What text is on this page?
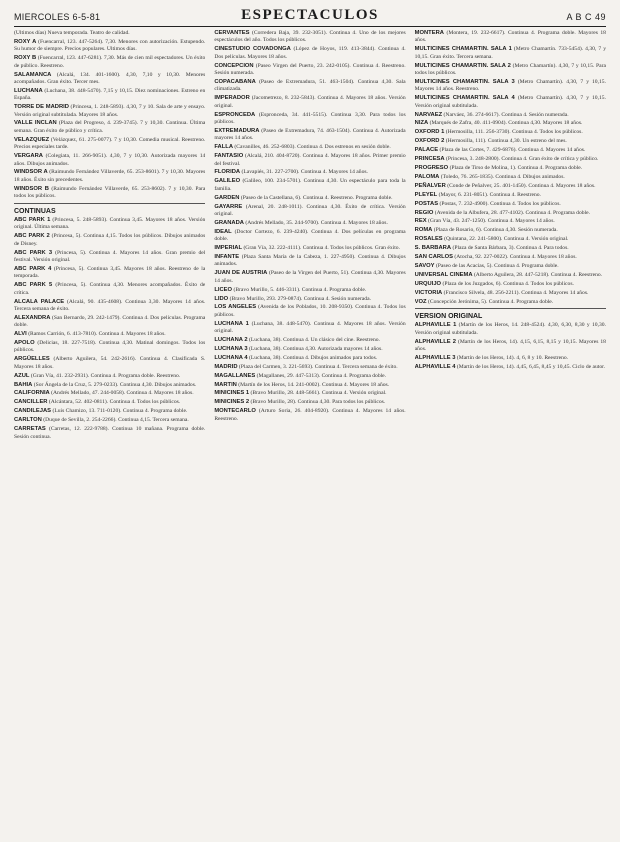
MIERCOLES 6-5-81	ESPECTACULOS	A B C 49

(Ultimos días) Nueva temporada. Teatro de calidad.

ROXY A (Fuencarral, 123. 447-5264). 7,30. Menores con autorización. Estupendo. Su humor de siempre. Precios populares. Ultimos días.

ROXY B (Fuencarral, 123. 447-6281). 7,30. Más de cien mil espectadores. Un éxito de público. Reestreno.

SALAMANCA (Alcalá, 134. 401-1600). 4,30, 7,10 y 10,30. Menores acompañados. Gran éxito. Tercer mes.

LUCHANA (Luchana, 38. 448-5470). 7,15 y 10,15. Diez nominaciones. Estreno en España.

TORRE DE MADRID (Princesa, 1. 248-5893). 4,30, 7 y 10. Sala de arte y ensayo. Versión original subtitulada. Mayores 18 años.

VALLE INCLAN (Plaza del Progreso, 4. 239-3745). 7 y 10,30. Continua. Última semana. Gran éxito de público y crítica.

VELAZQUEZ (Velázquez, 61. 275-0077). 7 y 10,30. Comedia musical. Reestreno. Precios especiales tarde.

VERGARA (Colegiata, 11. 266-9051). 4,30, 7 y 10,30. Autorizada mayores 14 años. Dibujos animados.

WINDSOR A (Raimundo Fernández Villaverde, 65. 253-8601). 7 y 10,30. Mayores 18 años. Éxito sin precedentes.

WINDSOR B (Raimundo Fernández Villaverde, 65. 253-8602). 7 y 10,30. Para todos los públicos.

CONTINUAS

ABC PARK 1 (Princesa, 5. 248-5893). Continua 3,45. Mayores 18 años. Versión original. Última semana.

ABC PARK 2 (Princesa, 5). Continua 4,15. Todos los públicos. Dibujos animados de Disney.

ABC PARK 3 (Princesa, 5). Continua 4. Mayores 14 años. Gran premio del festival. Versión original.

ABC PARK 4 (Princesa, 5). Continua 3,45. Mayores 18 años. Reestreno de la temporada.

ABC PARK 5 (Princesa, 5). Continua 4,30. Menores acompañados. Éxito de crítica.

ALCALA PALACE (Alcalá, 90. 435-4608). Continua 3,30. Mayores 14 años. Tercera semana de éxito.

ALEXANDRA (San Bernardo, 29. 242-1479). Continua 4. Dos películas. Programa doble.

ALVI (Ramos Carrión, 6. 413-7810). Continua 4. Mayores 18 años.

APOLO (Delicias, 18. 227-7518). Continua 4,30. Matinal domingos. Todos los públicos.

ARGÜELLES (Alberto Aguilera, 54. 242-2616). Continua 4. Clasificada S. Mayores 18 años.

AZUL (Gran Vía, 41. 232-2931). Continua 4. Programa doble. Reestreno.

BAHIA (Sor Ángela de la Cruz, 5. 279-0233). Continua 4,30. Dibujos animados.

CALIFORNIA (Andrés Mellado, 47. 244-0058). Continua 4. Mayores 18 años.

CANCILLER (Alcántara, 52. 402-0811). Continua 4. Todos los públicos.

CANDILEJAS (Luis Chamizo, 13. 711-0120). Continua 4. Programa doble.

CARLTON (Duque de Sevilla, 2. 254-2266). Continua 4,15. Tercera semana.

CARRETAS (Carretas, 12. 222-9788). Continua 10 mañana. Programa doble. Sesión continua.

CERVANTES (Corredera Baja, 39. 232-3051). Continua 4. Uno de los mejores espectáculos del año. Todos los públicos.

CINESTUDIO COVADONGA (López de Hoyos, 119. 413-3844). Continua 4. Dos películas. Mayores 18 años.

CONCEPCION (Paseo Virgen del Puerto, 23. 242-0105). Continua 4. Reestreno. Sesión numerada.

COPACABANA (Paseo de Extremadura, 51. 463-1504). Continua 4,30. Sala climatizada.

IMPERADOR (Jacometrezo, 8. 232-5843). Continua 4. Mayores 18 años. Versión original.

ESPRONCEDA (Espronceda, 34. 441-5515). Continua 3,30. Para todos los públicos.

EXTREMADURA (Paseo de Extremadura, 74. 463-1504). Continua 4. Autorizada mayores 14 años.

FALLA (Cavanilles, 46. 252-6803). Continua 4. Dos estrenos en sesión doble.

FANTASIO (Alcalá, 210. 404-8720). Continua 4. Mayores 18 años. Primer premio del festival.

FLORIDA (Lavapiés, 31. 227-2700). Continua 4. Mayores 14 años.

GALILEO (Galileo, 100. 234-5701). Continua 4,30. Un espectáculo para toda la familia.

GARDEN (Paseo de la Castellana, 6). Continua 4. Reestreno. Programa doble.

GAYARRE (Arenal, 20. 248-1011). Continua 4,30. Éxito de crítica. Versión original.

GRANADA (Andrés Mellado, 35. 244-9700). Continua 4. Mayores 18 años.

IDEAL (Doctor Cortezo, 6. 239-4240). Continua 4. Dos películas en programa doble.

IMPERIAL (Gran Vía, 32. 222-4111). Continua 4. Todos los públicos. Gran éxito.

INFANTE (Plaza Santa María de la Cabeza, 1. 227-4950). Continua 4. Dibujos animados.

JUAN DE AUSTRIA (Paseo de la Virgen del Puerto, 51). Continua 4,30. Mayores 14 años.

LICEO (Bravo Murillo, 5. 446-3311). Continua 4. Programa doble.

LIDO (Bravo Murillo, 293. 279-0874). Continua 4. Sesión numerada.

LOS ANGELES (Avenida de los Poblados, 10. 208-9350). Continua 4. Todos los públicos.

LUCHANA 1 (Luchana, 38. 448-5470). Continua 4. Mayores 18 años. Versión original.

LUCHANA 2 (Luchana, 38). Continua 4. Un clásico del cine. Reestreno.

LUCHANA 3 (Luchana, 38). Continua 4,30. Autorizada mayores 14 años.

LUCHANA 4 (Luchana, 38). Continua 4. Dibujos animados para todos.

MADRID (Plaza del Carmen, 3. 221-5693). Continua 4. Tercera semana de éxito.

MAGALLANES (Magallanes, 29. 447-5313). Continua 4. Programa doble.

MARTIN (Martín de los Heros, 14. 241-0002). Continua 4. Mayores 18 años.

MINICINES 1 (Bravo Murillo, 28. 448-5661). Continua 4. Versión original.

MINICINES 2 (Bravo Murillo, 28). Continua 4,30. Para todos los públicos.

MONTECARLO (Arturo Soria, 26. 404-8920). Continua 4. Mayores 14 años. Reestreno.

MONTERA (Montera, 19. 232-6617). Continua 4. Programa doble. Mayores 18 años.

MULTICINES CHAMARTIN. SALA 1 (Metro Chamartín. 733-5454). 4,30, 7 y 10,15. Gran éxito. Tercera semana.

MULTICINES CHAMARTIN. SALA 2 (Metro Chamartín). 4,30, 7 y 10,15. Para todos los públicos.

MULTICINES CHAMARTIN. SALA 3 (Metro Chamartín). 4,30, 7 y 10,15. Mayores 14 años. Reestreno.

MULTICINES CHAMARTIN. SALA 4 (Metro Chamartín). 4,30, 7 y 10,15. Versión original subtitulada.

NARVAEZ (Narváez, 36. 274-6617). Continua 4. Sesión numerada.

NIZA (Marqués de Zafra, 40. 411-0904). Continua 4,30. Mayores 18 años.

OXFORD 1 (Hermosilla, 111. 256-3730). Continua 4. Todos los públicos.

OXFORD 2 (Hermosilla, 111). Continua 4,30. Un estreno del mes.

PALACE (Plaza de las Cortes, 7. 429-6876). Continua 4. Mayores 14 años.

PRINCESA (Princesa, 3. 248-2800). Continua 4. Gran éxito de crítica y público.

PROGRESO (Plaza de Tirso de Molina, 1). Continua 4. Programa doble.

PALOMA (Toledo, 76. 265-1835). Continua 4. Dibujos animados.

PEÑALVER (Conde de Peñalver, 25. 401-1450). Continua 4. Mayores 18 años.

PLEYEL (Mayor, 6. 231-8051). Continua 4. Reestreno.

POSTAS (Postas, 7. 232-4900). Continua 4. Todos los públicos.

REGIO (Avenida de la Albufera, 28. 477-4102). Continua 4. Programa doble.

REX (Gran Vía, 43. 247-1250). Continua 4. Mayores 14 años.

ROMA (Plaza de Rosario, 6). Continua 4,30. Sesión numerada.

ROSALES (Quintana, 22. 241-5800). Continua 4. Versión original.

S. BARBARA (Plaza de Santa Bárbara, 3). Continua 4. Para todos.

SAN CARLOS (Atocha, 92. 227-0022). Continua 4. Mayores 18 años.

SAVOY (Paseo de las Acacias, 5). Continua 4. Programa doble.

UNIVERSAL CINEMA (Alberto Aguilera, 28. 447-5218). Continua 4. Reestreno.

URQUIJO (Plaza de los Juzgados, 6). Continua 4. Todos los públicos.

VICTORIA (Francisco Silvela, 48. 256-2211). Continua 4. Mayores 14 años.

VOZ (Concepción Jerónima, 5). Continua 4. Programa doble.

VERSION ORIGINAL

ALPHAVILLE 1 (Martín de los Heros, 14. 248-4524). 4,30, 6,30, 8,30 y 10,30. Versión original subtitulada.

ALPHAVILLE 2 (Martín de los Heros, 14). 4,15, 6,15, 8,15 y 10,15. Mayores 18 años.

ALPHAVILLE 3 (Martín de los Heros, 14). 4, 6, 8 y 10. Reestreno.

ALPHAVILLE 4 (Martín de los Heros, 14). 4,45, 6,45, 8,45 y 10,45. Ciclo de autor.
